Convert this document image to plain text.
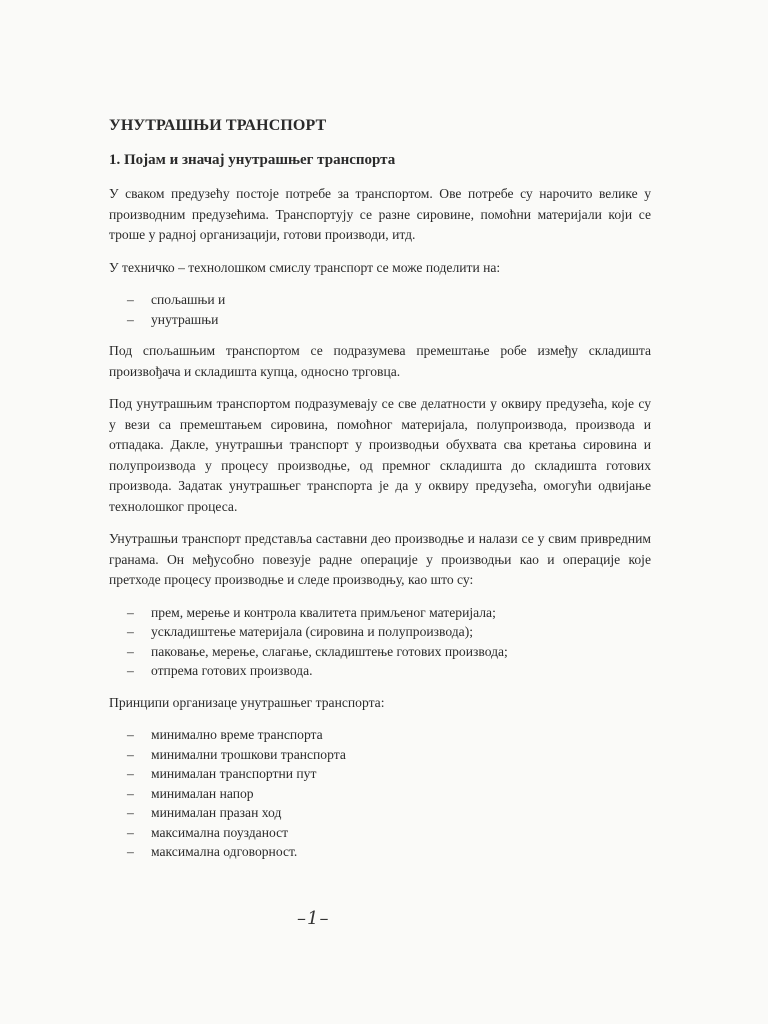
УНУТРАШЊИ ТРАНСПОРТ
1. Појам и значај унутрашњег транспорта

У сваком предузећу постоје потребе за транспортом. Ове потребе су нарочито велике у производним предузећима. Транспортују се разне сировине, помоћни материјали који се троше у радној организацији, готови производи, итд.

У техничко – технолошком смислу транспорт се може поделити на:

– спољашњи и
– унутрашњи

Под спољашњим транспортом се подразумева премештање робе између складишта произвођача и складишта купца, односно трговца.

Под унутрашњим транспортом подразумевају се све делатности у оквиру предузећа, које су у вези са премештањем сировина, помоћног материјала, полупроизвода, производа и отпадака. Дакле, унутрашњи транспорт у производњи обухвата сва кретања сировина и полупроизвода у процесу производње, од премног складишта до складишта готових производа. Задатак унутрашњег транспорта је да у оквиру предузећа, омогући одвијање технолошког процеса.

Унутрашњи транспорт представља саставни део производње и налази се у свим привредним гранама. Он међусобно повезује радне операције у производњи као и операције које претходе процесу производње и следе производњу, као што су:

– прем, мерење и контрола квалитета примљеног материјала;
– ускладиштење материјала (сировина и полупроизвода);
– паковање, мерење, слагање, складиштење готових производа;
– отпрема готових производа.

Принципи организаце унутрашњег транспорта:

– минимално време транспорта
– минимални трошкови транспорта
– минималан транспортни пут
– минималан напор
– минималан празан ход
– максимална поузданост
– максимална одговорност.
–1–
